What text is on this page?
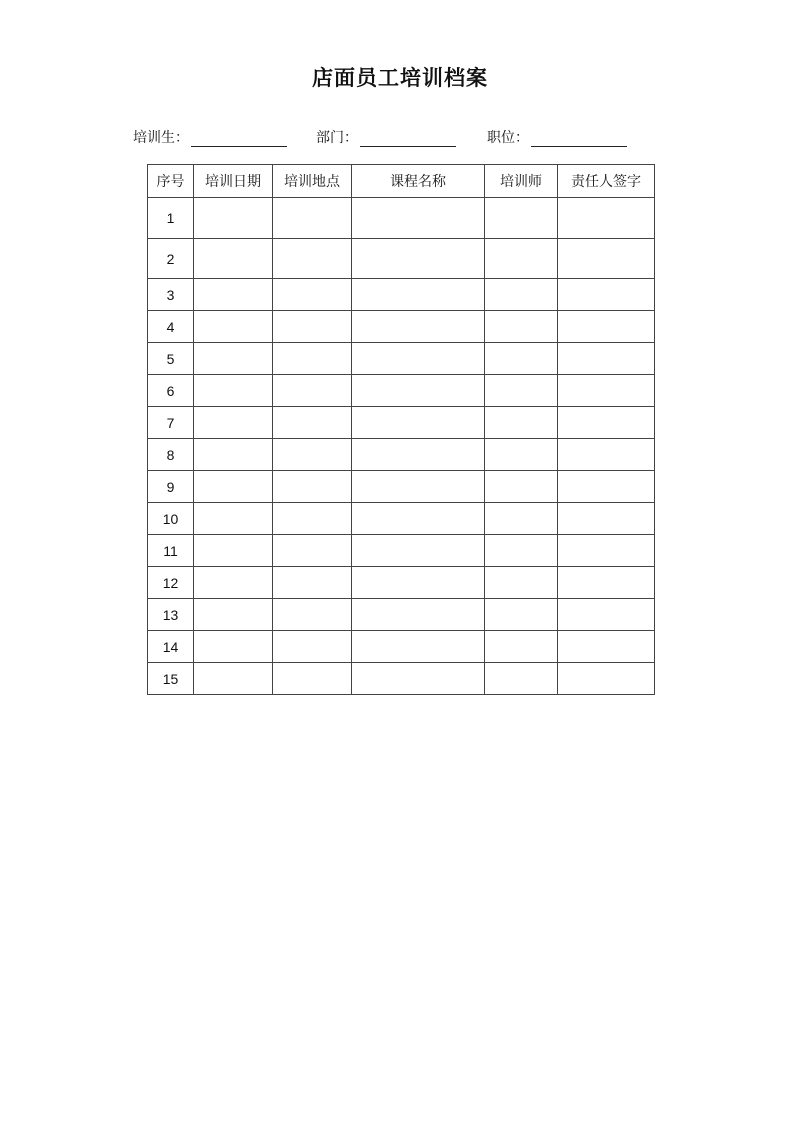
店面员工培训档案
培训生：	部门：	职位：
序号	培训日期	培训地点	课程名称	培训师	责任人签字
1					
2					
3					
4					
5					
6					
7					
8					
9					
10					
11					
12					
13					
14					
15					
